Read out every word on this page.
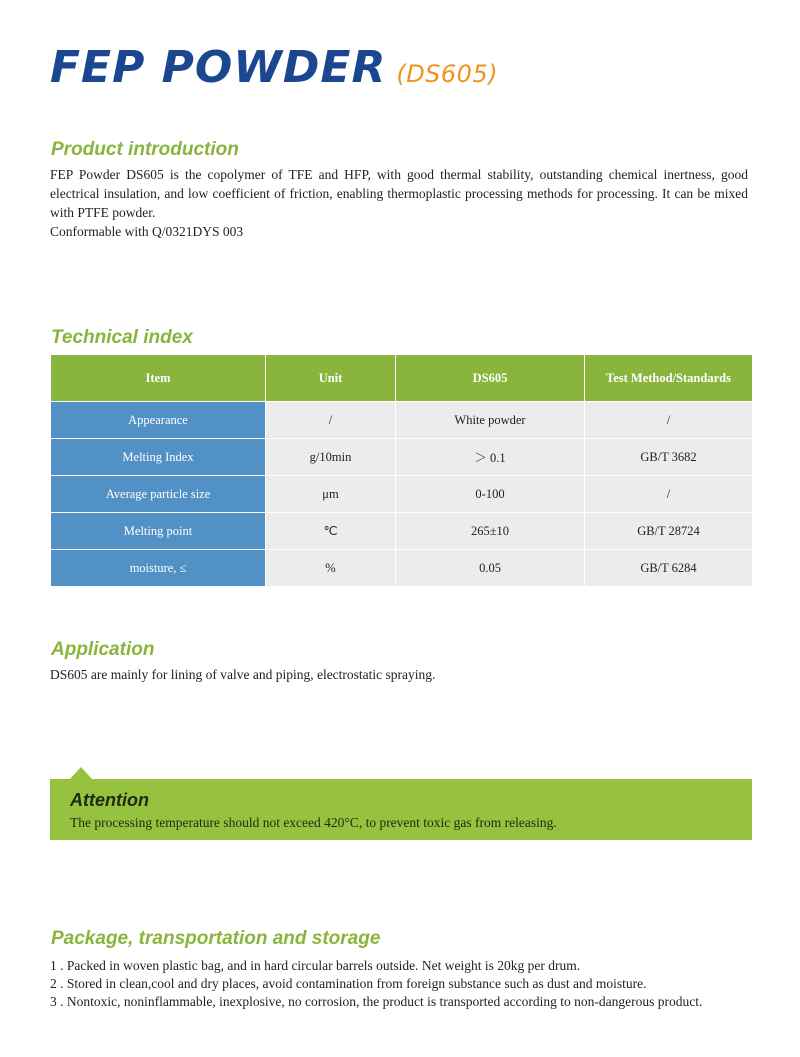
FEP POWDER (DS605)
Product introduction

FEP Powder DS605 is the copolymer of TFE and HFP, with good thermal stability, outstanding chemical inertness, good electrical insulation, and low coefficient of friction, enabling thermoplastic processing methods for processing. It can be mixed with PTFE powder.

Conformable with Q/0321DYS 003

Technical index
Item	Unit	DS605	Test Method/Standards
Appearance	/	White powder	/
Melting Index	g/10min	＞ 0.1	GB/T 3682
Average particle size	μm	0-100	/
Melting point	℃	265±10	GB/T 28724
moisture, ≤	%	0.05	GB/T 6284
Application

DS605 are mainly for lining of valve and piping, electrostatic spraying.

Attention
The processing temperature should not exceed 420°C, to prevent toxic gas from releasing.
Package, transportation and storage
1 . Packed in woven plastic bag, and in hard circular barrels outside. Net weight is 20kg per drum.
2 . Stored in clean,cool and dry places, avoid contamination from foreign substance such as dust and moisture.
3 . Nontoxic, noninflammable, inexplosive, no corrosion, the product is transported according to non-dangerous product.
